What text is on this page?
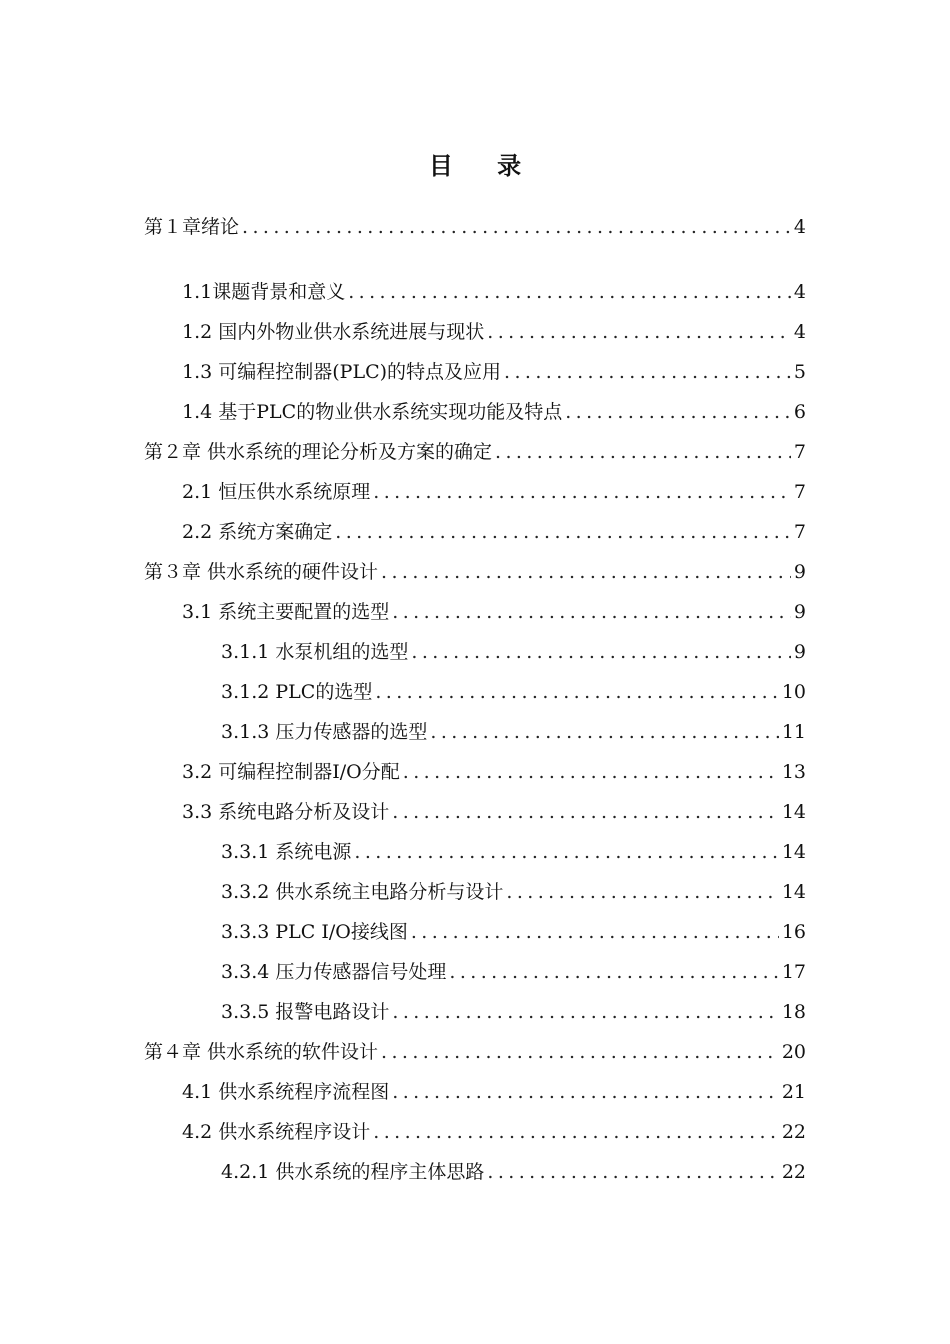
目 录
第１章绪论 .....	4
1.1课题背景和意义 .....	4
1.2 国内外物业供水系统进展与现状 .....	4
1.3 可编程控制器(PLC)的特点及应用 .....	5
1.4 基于PLC的物业供水系统实现功能及特点 .....	6
第２章 供水系统的理论分析及方案的确定 .....	7
2.1 恒压供水系统原理 .....	7
2.2 系统方案确定 .....	7
第３章 供水系统的硬件设计 .....	9
3.1 系统主要配置的选型 .....	9
3.1.1 水泵机组的选型 .....	9
3.1.2 PLC的选型 .....	10
3.1.3 压力传感器的选型 .....	11
3.2 可编程控制器I/O分配 .....	13
3.3 系统电路分析及设计 .....	14
3.3.1 系统电源 .....	14
3.3.2 供水系统主电路分析与设计 .....	14
3.3.3 PLC I/O接线图 .....	16
3.3.4 压力传感器信号处理 .....	17
3.3.5 报警电路设计 .....	18
第４章 供水系统的软件设计 .....	20
4.1 供水系统程序流程图 .....	21
4.2 供水系统程序设计 .....	22
4.2.1 供水系统的程序主体思路 .....	22
